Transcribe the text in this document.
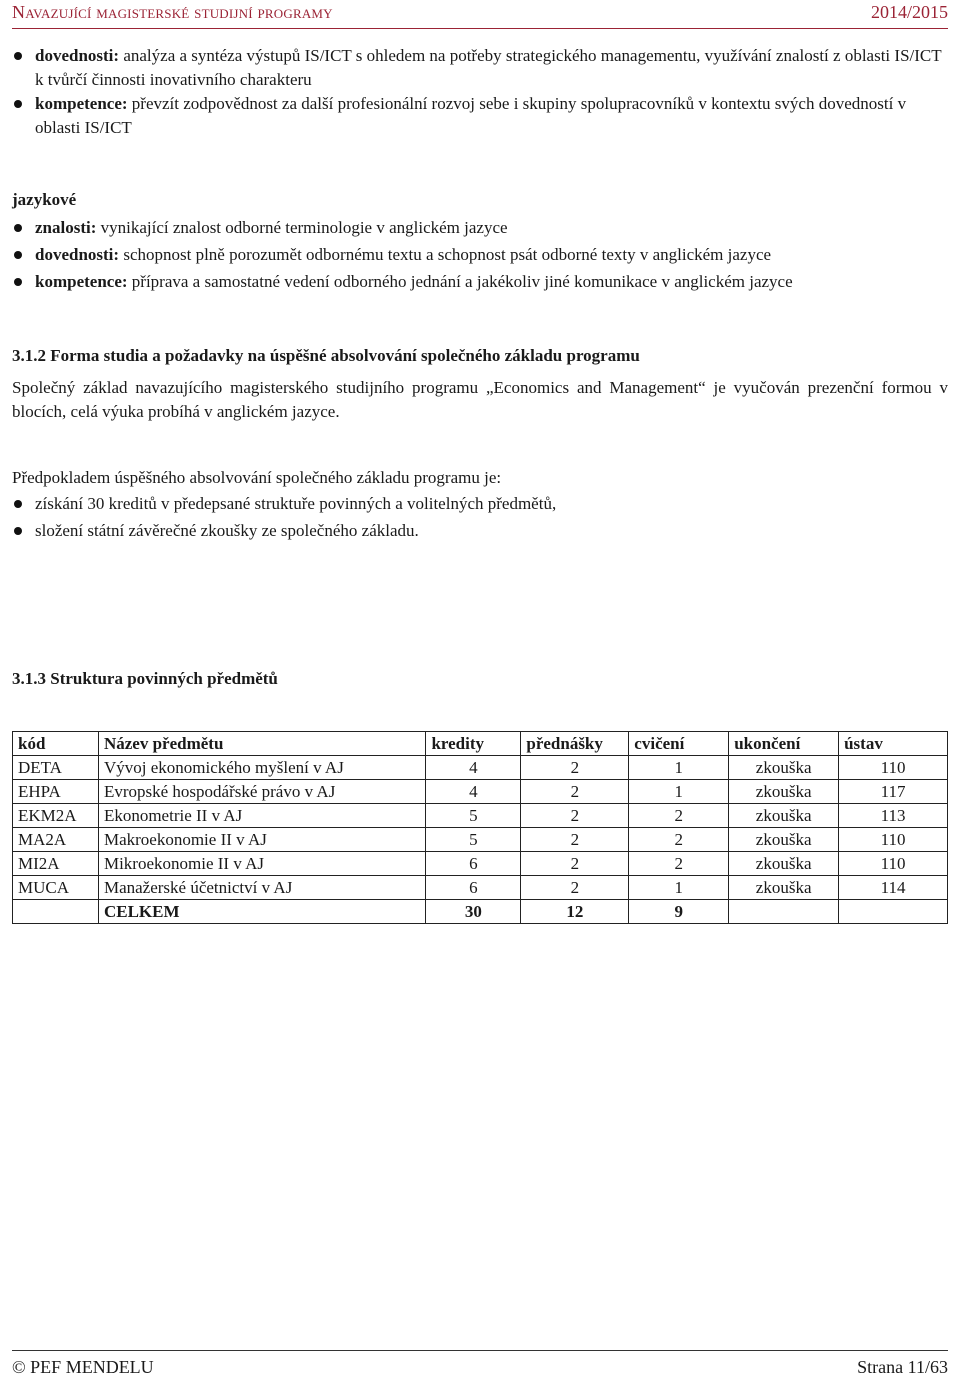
Navazující magisterské studijní programy	2014/2015
dovednosti: analýza a syntéza výstupů IS/ICT s ohledem na potřeby strategického managementu, využívání znalostí z oblasti IS/ICT k tvůrčí činnosti inovativního charakteru
kompetence: převzít zodpovědnost za další profesionální rozvoj sebe i skupiny spolupracovníků v kontextu svých dovedností v oblasti IS/ICT
jazykové
znalosti: vynikající znalost odborné terminologie v anglickém jazyce
dovednosti: schopnost plně porozumět odbornému textu a schopnost psát odborné texty v anglickém jazyce
kompetence: příprava a samostatné vedení odborného jednání a jakékoliv jiné komunikace v anglickém jazyce
3.1.2 Forma studia a požadavky na úspěšné absolvování společného základu programu

Společný základ navazujícího magisterského studijního programu „Economics and Management“ je vyučován prezenční formou v blocích, celá výuka probíhá v anglickém jazyce.

Předpokladem úspěšného absolvování společného základu programu je:

získání 30 kreditů v předepsané struktuře povinných a volitelných předmětů,
složení státní závěrečné zkoušky ze společného základu.
3.1.3 Struktura povinných předmětů
kód	Název předmětu	kredity	přednášky	cvičení	ukončení	ústav
DETA	Vývoj ekonomického myšlení v AJ	4	2	1	zkouška	110
EHPA	Evropské hospodářské právo v AJ	4	2	1	zkouška	117
EKM2A	Ekonometrie II v AJ	5	2	2	zkouška	113
MA2A	Makroekonomie II v AJ	5	2	2	zkouška	110
MI2A	Mikroekonomie II v AJ	6	2	2	zkouška	110
MUCA	Manažerské účetnictví v AJ	6	2	1	zkouška	114
	CELKEM	30	12	9		
© PEF MENDELU	Strana 11/63
